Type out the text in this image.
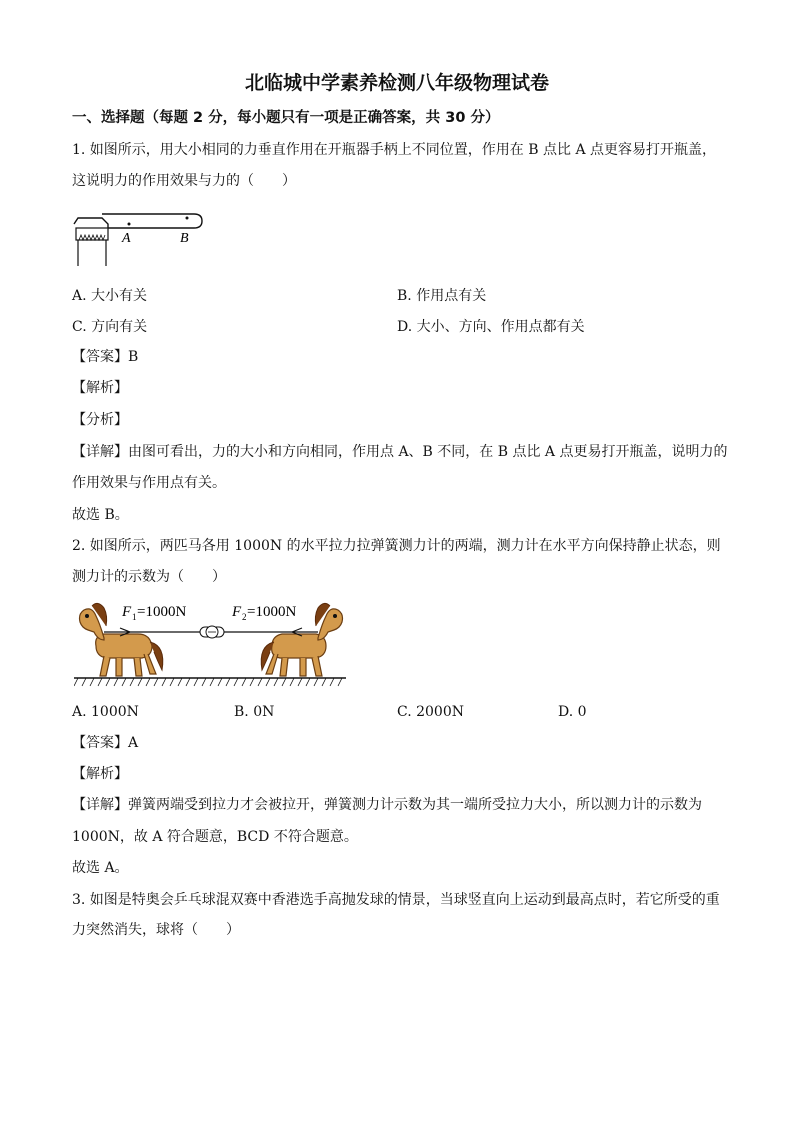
北临城中学素养检测八年级物理试卷
一、选择题（每题 2 分，每小题只有一项是正确答案，共 30 分）
1. 如图所示，用大小相同的力垂直作用在开瓶器手柄上不同位置，作用在 B 点比 A 点更容易打开瓶盖，
这说明力的作用效果与力的（　　）
A	B
A. 大小有关	B. 作用点有关
C. 方向有关	D. 大小、方向、作用点都有关
【答案】B
【解析】
【分析】
【详解】由图可看出，力的大小和方向相同，作用点 A、B 不同，在 B 点比 A 点更易打开瓶盖，说明力的
作用效果与作用点有关。
故选 B。
2. 如图所示，两匹马各用 1000N 的水平拉力拉弹簧测力计的两端，测力计在水平方向保持静止状态，则
测力计的示数为（　　）
F 1 =1000N	F 2 =1000N
A. 1000N	B. 0N	C. 2000N	D. 0
【答案】A
【解析】
【详解】弹簧两端受到拉力才会被拉开，弹簧测力计示数为其一端所受拉力大小，所以测力计的示数为
1000N，故 A 符合题意，BCD 不符合题意。
故选 A。
3. 如图是特奥会乒乓球混双赛中香港选手高抛发球的情景，当球竖直向上运动到最高点时，若它所受的重
力突然消失，球将（　　）
